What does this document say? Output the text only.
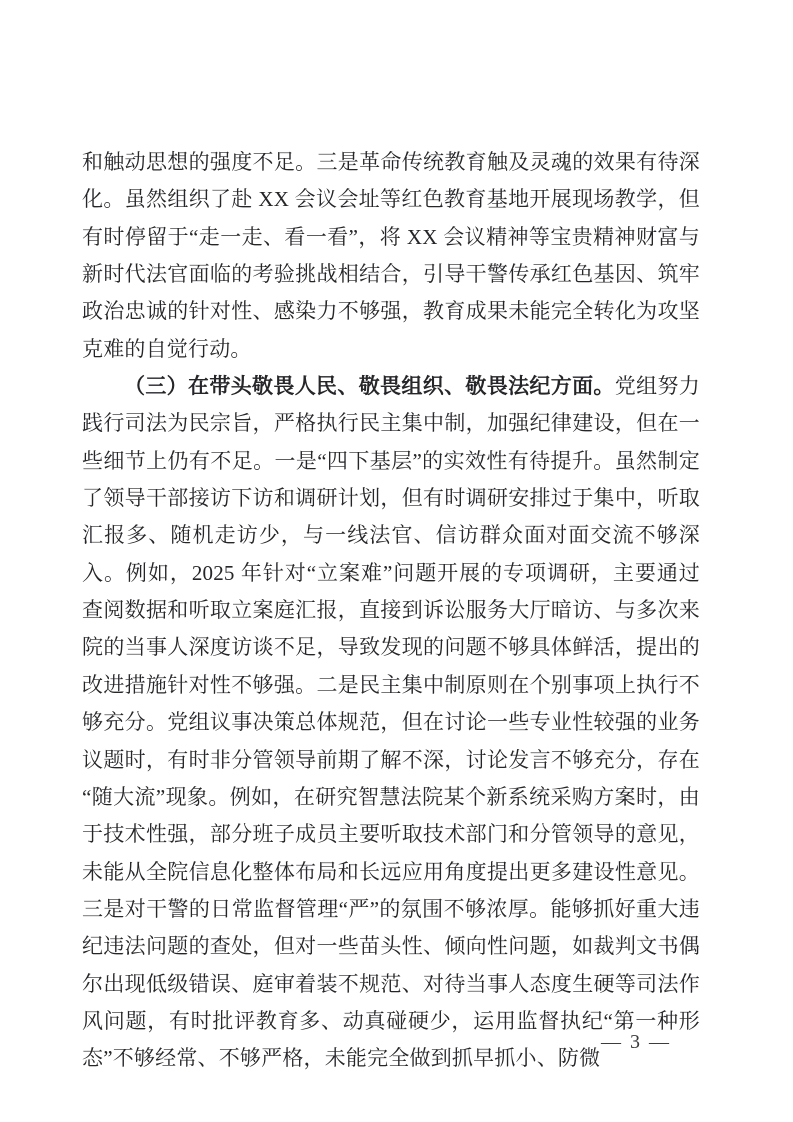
和触动思想的强度不足。三是革命传统教育触及灵魂的效果有待深化。虽然组织了赴 XX 会议会址等红色教育基地开展现场教学，但有时停留于“走一走、看一看”，将 XX 会议精神等宝贵精神财富与新时代法官面临的考验挑战相结合，引导干警传承红色基因、筑牢政治忠诚的针对性、感染力不够强，教育成果未能完全转化为攻坚克难的自觉行动。

（三）在带头敬畏人民、敬畏组织、敬畏法纪方面。党组努力践行司法为民宗旨，严格执行民主集中制，加强纪律建设，但在一些细节上仍有不足。一是“四下基层”的实效性有待提升。虽然制定了领导干部接访下访和调研计划，但有时调研安排过于集中，听取汇报多、随机走访少，与一线法官、信访群众面对面交流不够深入。例如，2025 年针对“立案难”问题开展的专项调研，主要通过查阅数据和听取立案庭汇报，直接到诉讼服务大厅暗访、与多次来院的当事人深度访谈不足，导致发现的问题不够具体鲜活，提出的改进措施针对性不够强。二是民主集中制原则在个别事项上执行不够充分。党组议事决策总体规范，但在讨论一些专业性较强的业务议题时，有时非分管领导前期了解不深，讨论发言不够充分，存在“随大流”现象。例如，在研究智慧法院某个新系统采购方案时，由于技术性强，部分班子成员主要听取技术部门和分管领导的意见，未能从全院信息化整体布局和长远应用角度提出更多建设性意见。三是对干警的日常监督管理“严”的氛围不够浓厚。能够抓好重大违纪违法问题的查处，但对一些苗头性、倾向性问题，如裁判文书偶尔出现低级错误、庭审着装不规范、对待当事人态度生硬等司法作风问题，有时批评教育多、动真碰硬少，运用监督执纪“第一种形态”不够经常、不够严格，未能完全做到抓早抓小、防微

— 3 —
